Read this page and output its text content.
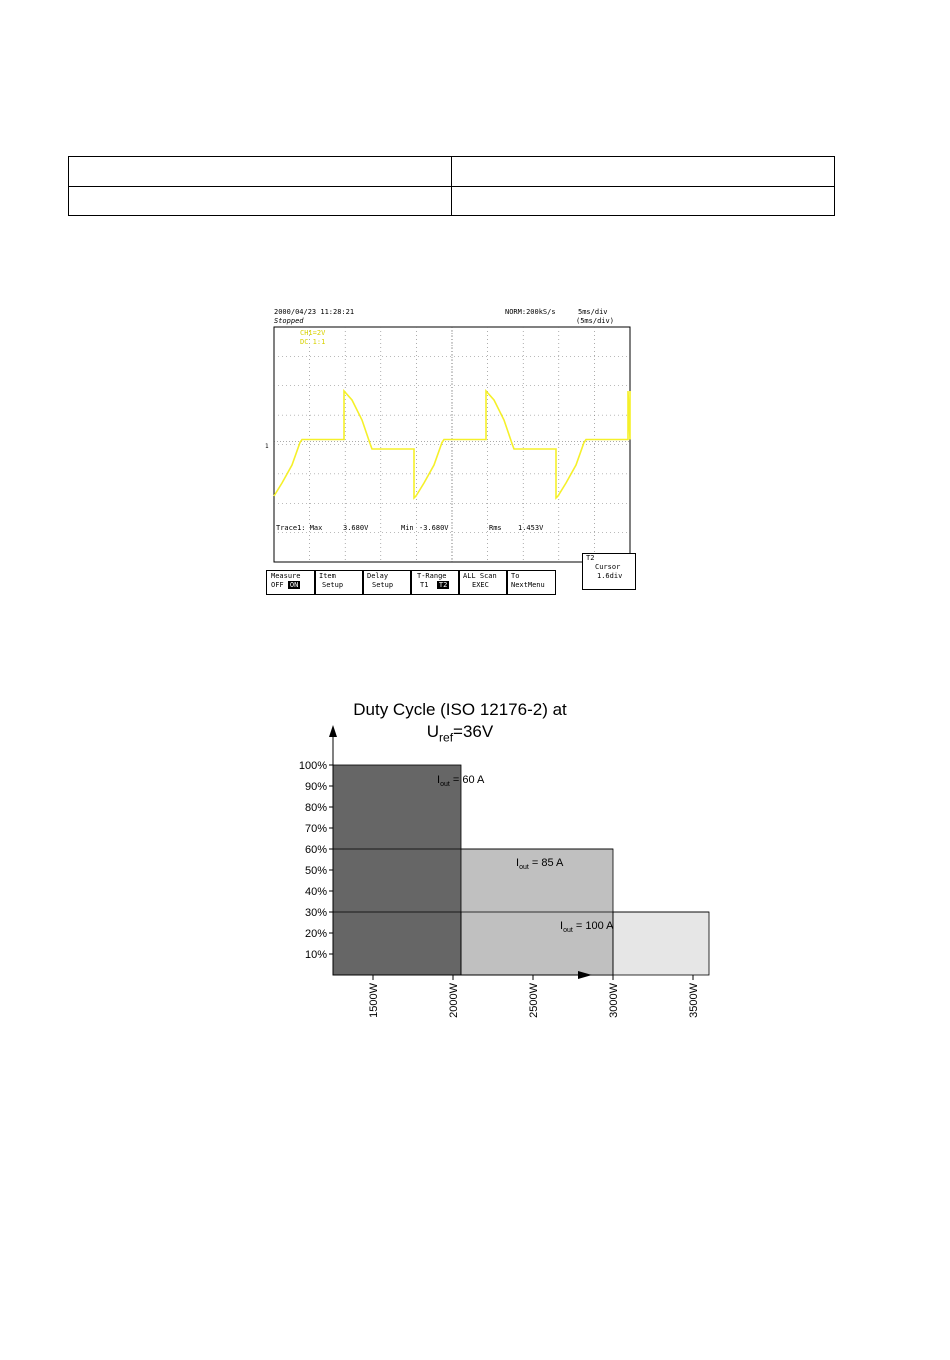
1
2000/04/23 11:28:21
Stopped
NORM:200kS/s	5ms/div
(5ms/div)
CH1=2V
DC 1:1
Trace1: Max	3.680V	Min -3.680V	Rms 1.453V
Measure
OFF ON
Item
Setup
Delay
Setup
T-Range
T1 T2
ALL Scan
EXEC
To
NextMenu
T2
Cursor
1.6div
Duty Cycle (ISO 12176-2) at
$U_{ref}=36V$
100%
90%
80%
70%
60%
50%
40%
30%
20%
10%
1500W	2000W	2500W	3000W	3500W
$I_{out} = 60$ A
$I_{out} = 85$ A
$I_{out} = 100$ A
